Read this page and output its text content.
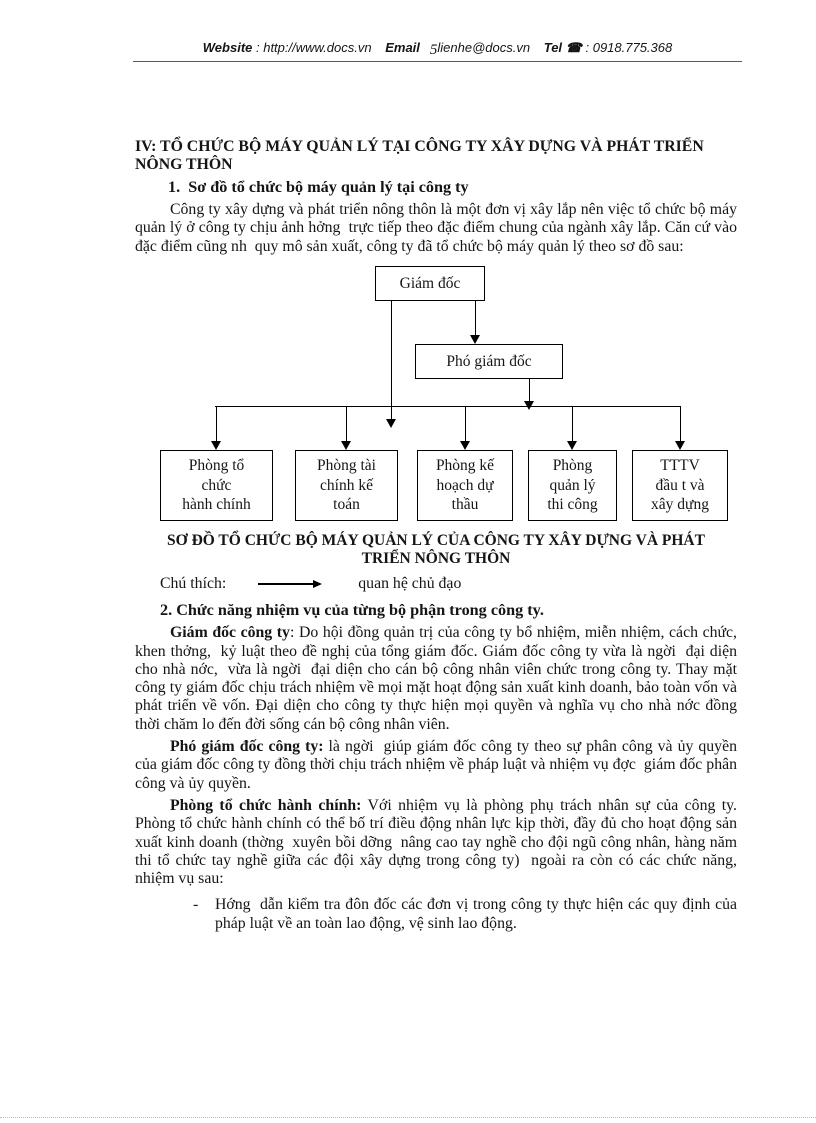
Website : http://www.docs.vn Email 5lienhe@docs.vn Tel ☎ : 0918.775.368
IV: TỔ CHỨC BỘ MÁY QUẢN LÝ TẠI CÔNG TY XÂY DỰNG VÀ PHÁT TRIỂN
NÔNG THÔN
1.  Sơ đồ tổ chức bộ máy quản lý tại công ty

Công ty xây dựng và phát triển nông thôn là một đơn vị xây lắp nên việc tổ chức bộ máy quản lý ở công ty chịu ảnh hởng  trực tiếp theo đặc điểm chung của ngành xây lắp. Căn cứ vào đặc điểm cũng nh  quy mô sản xuất, công ty đã tổ chức bộ máy quản lý theo sơ đồ sau:

Giám đốc
Phó giám đốc
Phòng tổ
chức
hành chính
Phòng tài
chính kế
toán
Phòng kế
hoạch dự
thầu
Phòng
quản lý
thi công
TTTV
đầu t và
xây dựng
SƠ ĐỒ TỔ CHỨC BỘ MÁY QUẢN LÝ CỦA CÔNG TY XÂY DỰNG VÀ PHÁT
TRIỂN NÔNG THÔN
Chú thích:	quan hệ chủ đạo
2. Chức năng nhiệm vụ của từng bộ phận trong công ty.

Giám đốc công ty: Do hội đồng quản trị của công ty bổ nhiệm, miễn nhiệm, cách chức, khen thởng,  kỷ luật theo đề nghị của tổng giám đốc. Giám đốc công ty vừa là ngời  đại diện cho nhà nớc,  vừa là ngời  đại diện cho cán bộ công nhân viên chức trong công ty. Thay mặt công ty giám đốc chịu trách nhiệm về mọi mặt hoạt động sản xuất kinh doanh, bảo toàn vốn và phát triển về vốn. Đại diện cho công ty thực hiện mọi quyền và nghĩa vụ cho nhà nớc đồng thời chăm lo đến đời sống cán bộ công nhân viên.

Phó giám đốc công ty: là ngời  giúp giám đốc công ty theo sự phân công và ủy quyền của giám đốc công ty đồng thời chịu trách nhiệm về pháp luật và nhiệm vụ đợc  giám đốc phân công và ủy quyền.

Phòng tổ chức hành chính: Với nhiệm vụ là phòng phụ trách nhân sự của công ty. Phòng tổ chức hành chính có thể bố trí điều động nhân lực kịp thời, đầy đủ cho hoạt động sản xuất kinh doanh (thờng  xuyên bồi dỡng  nâng cao tay nghề cho đội ngũ công nhân, hàng năm thi tổ chức tay nghề giữa các đội xây dựng trong công ty)  ngoài ra còn có các chức năng, nhiệm vụ sau:

-	Hớng  dẫn kiểm tra đôn đốc các đơn vị trong công ty thực hiện các quy định của pháp luật về an toàn lao động, vệ sinh lao động.
